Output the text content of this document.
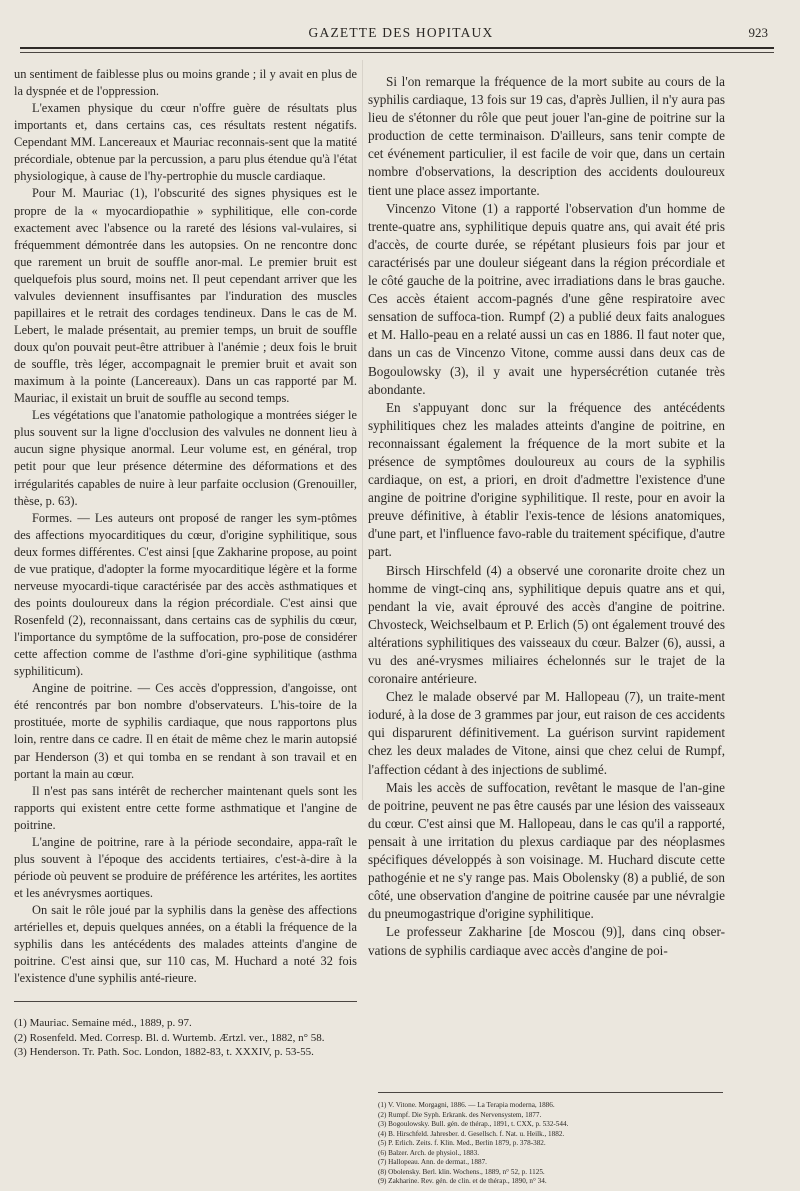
GAZETTE DES HOPITAUX	923

un sentiment de faiblesse plus ou moins grande ; il y avait en plus de la dyspnée et de l'oppression.

L'examen physique du cœur n'offre guère de résultats plus importants et, dans certains cas, ces résultats restent négatifs. Cependant MM. Lancereaux et Mauriac reconnais-sent que la matité précordiale, obtenue par la percussion, a paru plus étendue qu'à l'état physiologique, à cause de l'hy-pertrophie du muscle cardiaque.

Pour M. Mauriac (1), l'obscurité des signes physiques est le propre de la « myocardiopathie » syphilitique, elle con-corde exactement avec l'absence ou la rareté des lésions val-vulaires, si fréquemment démontrée dans les autopsies. On ne rencontre donc que rarement un bruit de souffle anor-mal. Le premier bruit est quelquefois plus sourd, moins net. Il peut cependant arriver que les valvules deviennent insuffisantes par l'induration des muscles papillaires et le retrait des cordages tendineux. Dans le cas de M. Lebert, le malade présentait, au premier temps, un bruit de souffle doux qu'on pouvait peut-être attribuer à l'anémie ; deux fois le bruit de souffle, très léger, accompagnait le premier bruit et avait son maximum à la pointe (Lancereaux). Dans un cas rapporté par M. Mauriac, il existait un bruit de souffle au second temps.

Les végétations que l'anatomie pathologique a montrées siéger le plus souvent sur la ligne d'occlusion des valvules ne donnent lieu à aucun signe physique anormal. Leur volume est, en général, trop petit pour que leur présence détermine des déformations et des irrégularités capables de nuire à leur parfaite occlusion (Grenouiller, thèse, p. 63).

Formes. — Les auteurs ont proposé de ranger les sym-ptômes des affections myocarditiques du cœur, d'origine syphilitique, sous deux formes différentes. C'est ainsi [que Zakharine propose, au point de vue pratique, d'adopter la forme myocarditique légère et la forme nerveuse myocardi-tique caractérisée par des accès asthmatiques et des points douloureux dans la région précordiale. C'est ainsi que Rosenfeld (2), reconnaissant, dans certains cas de syphilis du cœur, l'importance du symptôme de la suffocation, pro-pose de considérer cette affection comme de l'asthme d'ori-gine syphilitique (asthma syphiliticum).

Angine de poitrine. — Ces accès d'oppression, d'angoisse, ont été rencontrés par bon nombre d'observateurs. L'his-toire de la prostituée, morte de syphilis cardiaque, que nous rapportons plus loin, rentre dans ce cadre. Il en était de même chez le marin autopsié par Henderson (3) et qui tomba en se rendant à son travail et en portant la main au cœur.

Il n'est pas sans intérêt de rechercher maintenant quels sont les rapports qui existent entre cette forme asthmatique et l'angine de poitrine.

L'angine de poitrine, rare à la période secondaire, appa-raît le plus souvent à l'époque des accidents tertiaires, c'est-à-dire à la période où peuvent se produire de préférence les artérites, les aortites et les anévrysmes aortiques.

On sait le rôle joué par la syphilis dans la genèse des affections artérielles et, depuis quelques années, on a établi la fréquence de la syphilis dans les antécédents des malades atteints d'angine de poitrine. C'est ainsi que, sur 110 cas, M. Huchard a noté 32 fois l'existence d'une syphilis anté-rieure.

Si l'on remarque la fréquence de la mort subite au cours de la syphilis cardiaque, 13 fois sur 19 cas, d'après Jullien, il n'y aura pas lieu de s'étonner du rôle que peut jouer l'an-gine de poitrine sur la production de cette terminaison. D'ailleurs, sans tenir compte de cet événement particulier, il est facile de voir que, dans un certain nombre d'observations, la description des accidents douloureux tient une place assez importante.

Vincenzo Vitone (1) a rapporté l'observation d'un homme de trente-quatre ans, syphilitique depuis quatre ans, qui avait été pris d'accès, de courte durée, se répétant plusieurs fois par jour et caractérisés par une douleur siégeant dans la région précordiale et le côté gauche de la poitrine, avec irradiations dans le bras gauche. Ces accès étaient accom-pagnés d'une gêne respiratoire avec sensation de suffoca-tion. Rumpf (2) a publié deux faits analogues et M. Hallo-peau en a relaté aussi un cas en 1886. Il faut noter que, dans un cas de Vincenzo Vitone, comme aussi dans deux cas de Bogoulowsky (3), il y avait une hypersécrétion cutanée très abondante.

En s'appuyant donc sur la fréquence des antécédents syphilitiques chez les malades atteints d'angine de poitrine, en reconnaissant également la fréquence de la mort subite et la présence de symptômes douloureux au cours de la syphilis cardiaque, on est, a priori, en droit d'admettre l'existence d'une angine de poitrine d'origine syphilitique. Il reste, pour en avoir la preuve définitive, à établir l'exis-tence de lésions anatomiques, d'une part, et l'influence favo-rable du traitement spécifique, d'autre part.

Birsch Hirschfeld (4) a observé une coronarite droite chez un homme de vingt-cinq ans, syphilitique depuis quatre ans et qui, pendant la vie, avait éprouvé des accès d'angine de poitrine. Chvosteck, Weichselbaum et P. Erlich (5) ont également trouvé des altérations syphilitiques des vaisseaux du cœur. Balzer (6), aussi, a vu des ané-vrysmes miliaires échelonnés sur le trajet de la coronaire antérieure.

Chez le malade observé par M. Hallopeau (7), un traite-ment ioduré, à la dose de 3 grammes par jour, eut raison de ces accidents qui disparurent définitivement. La guérison survint rapidement chez les deux malades de Vitone, ainsi que chez celui de Rumpf, l'affection cédant à des injections de sublimé.

Mais les accès de suffocation, revêtant le masque de l'an-gine de poitrine, peuvent ne pas être causés par une lésion des vaisseaux du cœur. C'est ainsi que M. Hallopeau, dans le cas qu'il a rapporté, pensait à une irritation du plexus cardiaque par des néoplasmes spécifiques développés à son voisinage. M. Huchard discute cette pathogénie et ne s'y range pas. Mais Obolensky (8) a publié, de son côté, une observation d'angine de poitrine causée par une névralgie du pneumogastrique d'origine syphilitique.

Le professeur Zakharine [de Moscou (9)], dans cinq obser-vations de syphilis cardiaque avec accès d'angine de poi-

(1) Mauriac. Semaine méd., 1889, p. 97.

(2) Rosenfeld. Med. Corresp. Bl. d. Wurtemb. Ærtzl. ver., 1882, n° 58.

(3) Henderson. Tr. Path. Soc. London, 1882-83, t. XXXIV, p. 53-55.

(1) V. Vitone. Morgagni, 1886. — La Terapia moderna, 1886.

(2) Rumpf. Die Syph. Erkrank. des Nervensystem, 1877.

(3) Bogoulowsky. Bull. gén. de thérap., 1891, t. CXX, p. 532-544.

(4) B. Hirschfeld. Jahresber. d. Gesellsch. f. Nat. u. Heilk., 1882.

(5) P. Erlich. Zeits. f. Klin. Med., Berlin 1879, p. 378-382.

(6) Balzer. Arch. de physiol., 1883.

(7) Hallopeau. Ann. de dermat., 1887.

(8) Obolensky. Berl. klin. Wochens., 1889, n° 52, p. 1125.

(9) Zakharine. Rev. gén. de clin. et de thérap., 1890, n° 34.
